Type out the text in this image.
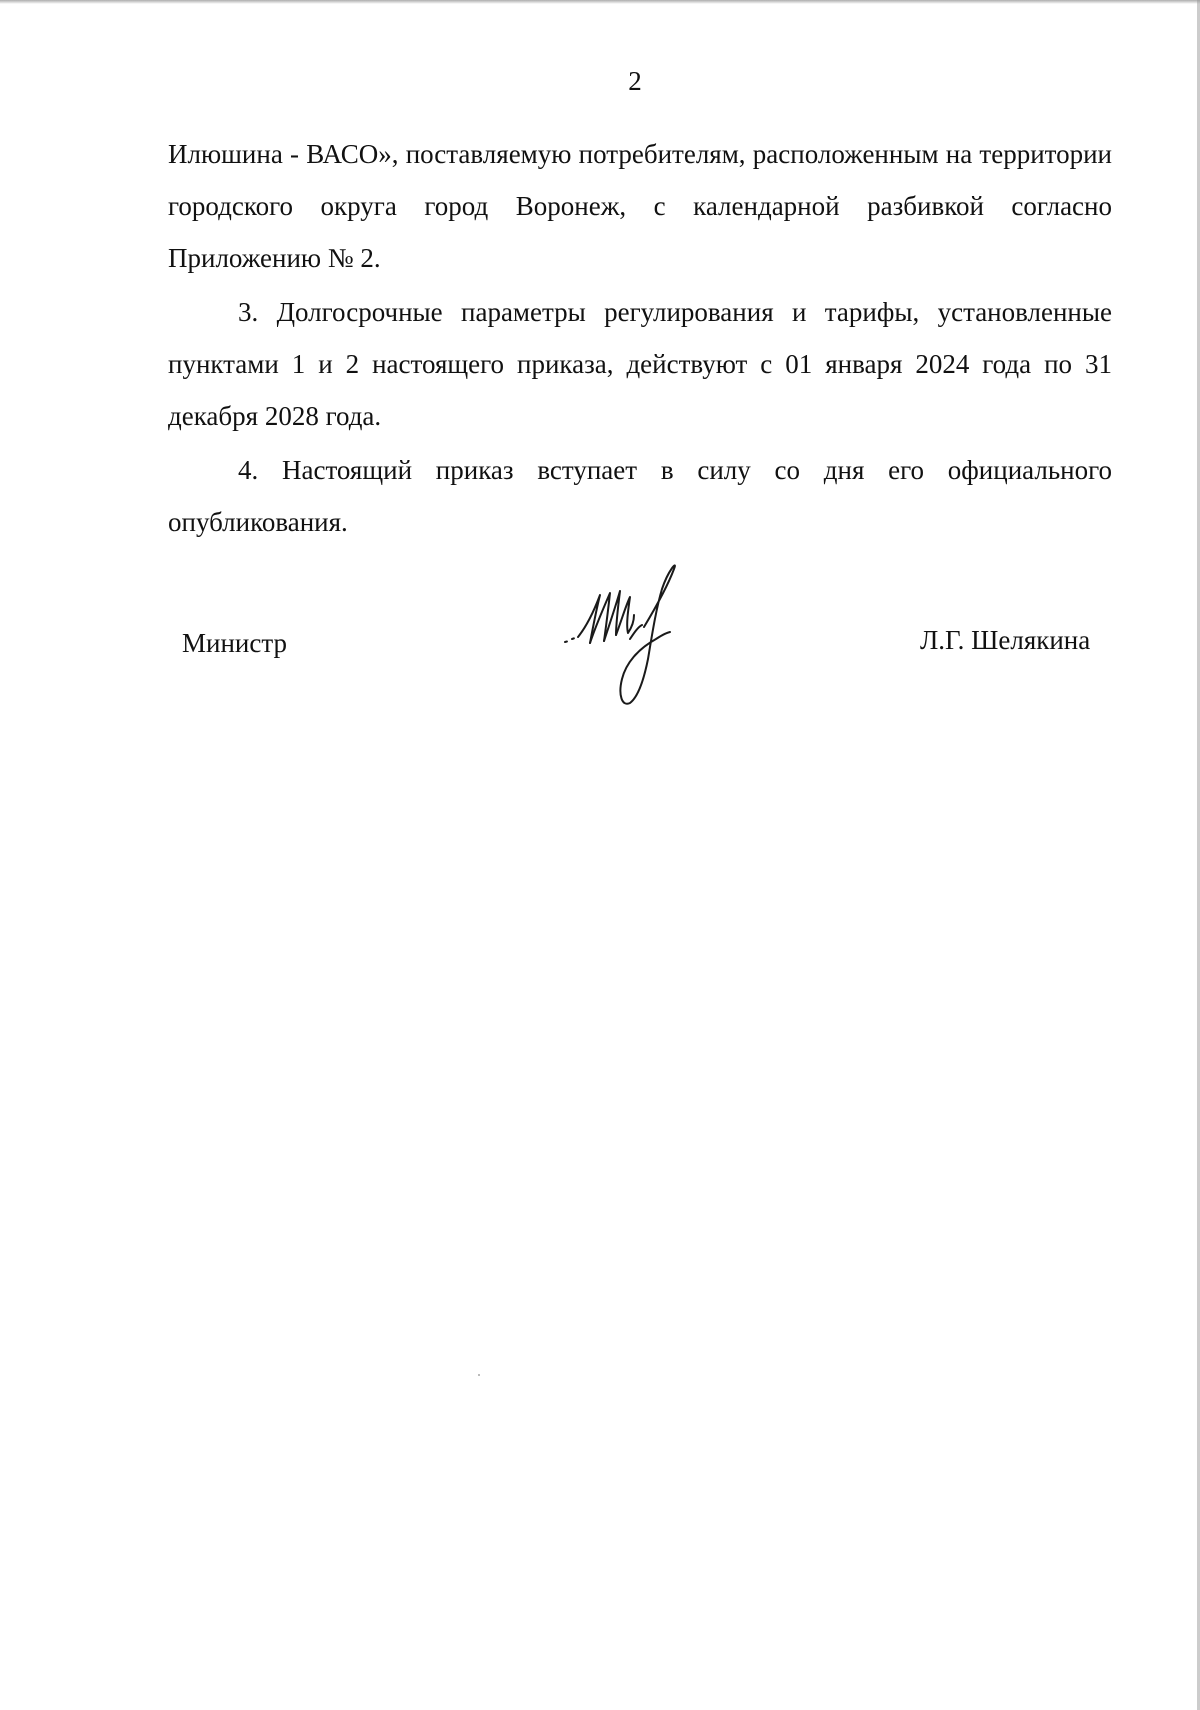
2

Илюшина - ВАСО», поставляемую потребителям, расположенным на территории городского округа город Воронеж, с календарной разбивкой согласно Приложению № 2.

3. Долгосрочные параметры регулирования и тарифы, установленные пунктами 1 и 2 настоящего приказа, действуют с 01 января 2024 года по 31 декабря 2028 года.

4. Настоящий приказ вступает в силу со дня его официального опубликования.

Министр	Л.Г. Шелякина
